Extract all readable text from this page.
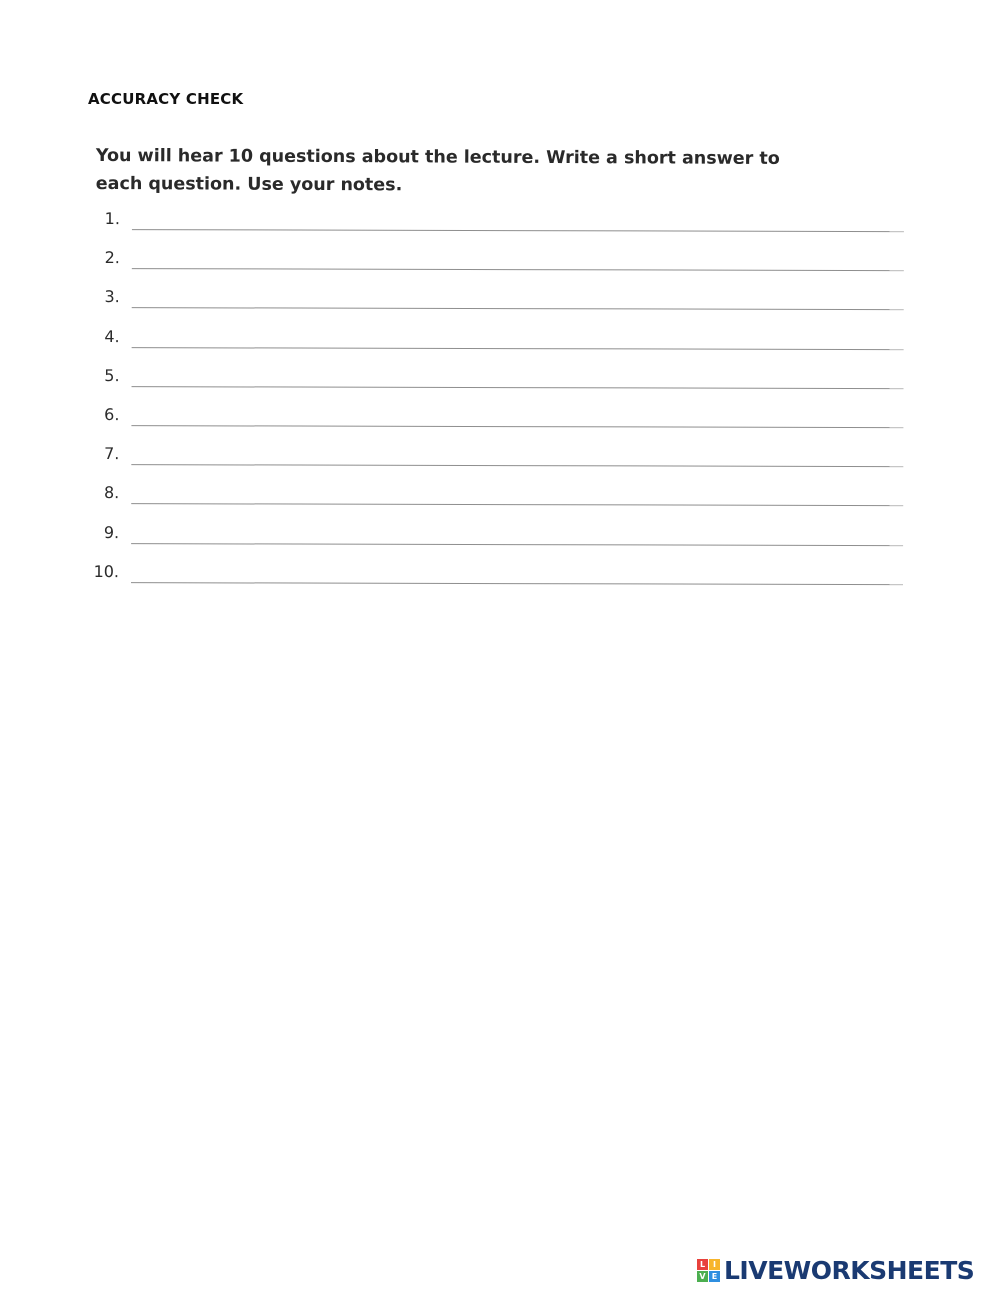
ACCURACY CHECK
You will hear 10 questions about the lecture. Write a short answer to each question. Use your notes.
1.
2.
3.
4.
5.
6.
7.
8.
9.
10.
L I
V E LIVEWORKSHEETS
